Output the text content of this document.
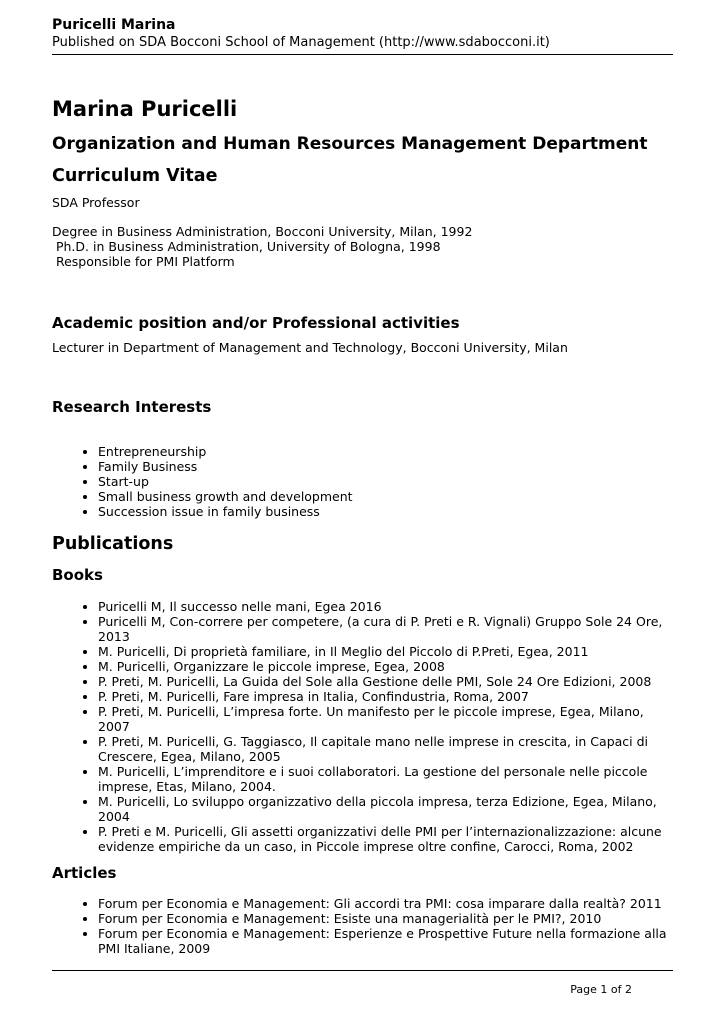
Puricelli Marina
Published on SDA Bocconi School of Management (http://www.sdabocconi.it)
Marina Puricelli
Organization and Human Resources Management Department
Curriculum Vitae

SDA Professor

Degree in Business Administration, Bocconi University, Milan, 1992
Ph.D. in Business Administration, University of Bologna, 1998
Responsible for PMI Platform
Academic position and/or Professional activities

Lecturer in Department of Management and Technology, Bocconi University, Milan

Research Interests
• Entrepreneurship
• Family Business
• Start-up
• Small business growth and development
• Succession issue in family business
Publications
Books
• Puricelli M, Il successo nelle mani, Egea 2016
• Puricelli M, Con-correre per competere, (a cura di P. Preti e R. Vignali) Gruppo Sole 24 Ore, 2013
• M. Puricelli, Di proprietà familiare, in Il Meglio del Piccolo di P.Preti, Egea, 2011
• M. Puricelli, Organizzare le piccole imprese, Egea, 2008
• P. Preti, M. Puricelli, La Guida del Sole alla Gestione delle PMI, Sole 24 Ore Edizioni, 2008
• P. Preti, M. Puricelli, Fare impresa in Italia, Confindustria, Roma, 2007
• P. Preti, M. Puricelli, L’impresa forte. Un manifesto per le piccole imprese, Egea, Milano, 2007
• P. Preti, M. Puricelli, G. Taggiasco, Il capitale mano nelle imprese in crescita, in Capaci di Crescere, Egea, Milano, 2005
• M. Puricelli, L’imprenditore e i suoi collaboratori. La gestione del personale nelle piccole imprese, Etas, Milano, 2004.
• M. Puricelli, Lo sviluppo organizzativo della piccola impresa, terza Edizione, Egea, Milano, 2004
• P. Preti e M. Puricelli, Gli assetti organizzativi delle PMI per l’internazionalizzazione: alcune evidenze empiriche da un caso, in Piccole imprese oltre confine, Carocci, Roma, 2002
Articles
• Forum per Economia e Management: Gli accordi tra PMI: cosa imparare dalla realtà? 2011
• Forum per Economia e Management: Esiste una managerialità per le PMI?, 2010
• Forum per Economia e Management: Esperienze e Prospettive Future nella formazione alla PMI Italiane, 2009
Page 1 of 2
